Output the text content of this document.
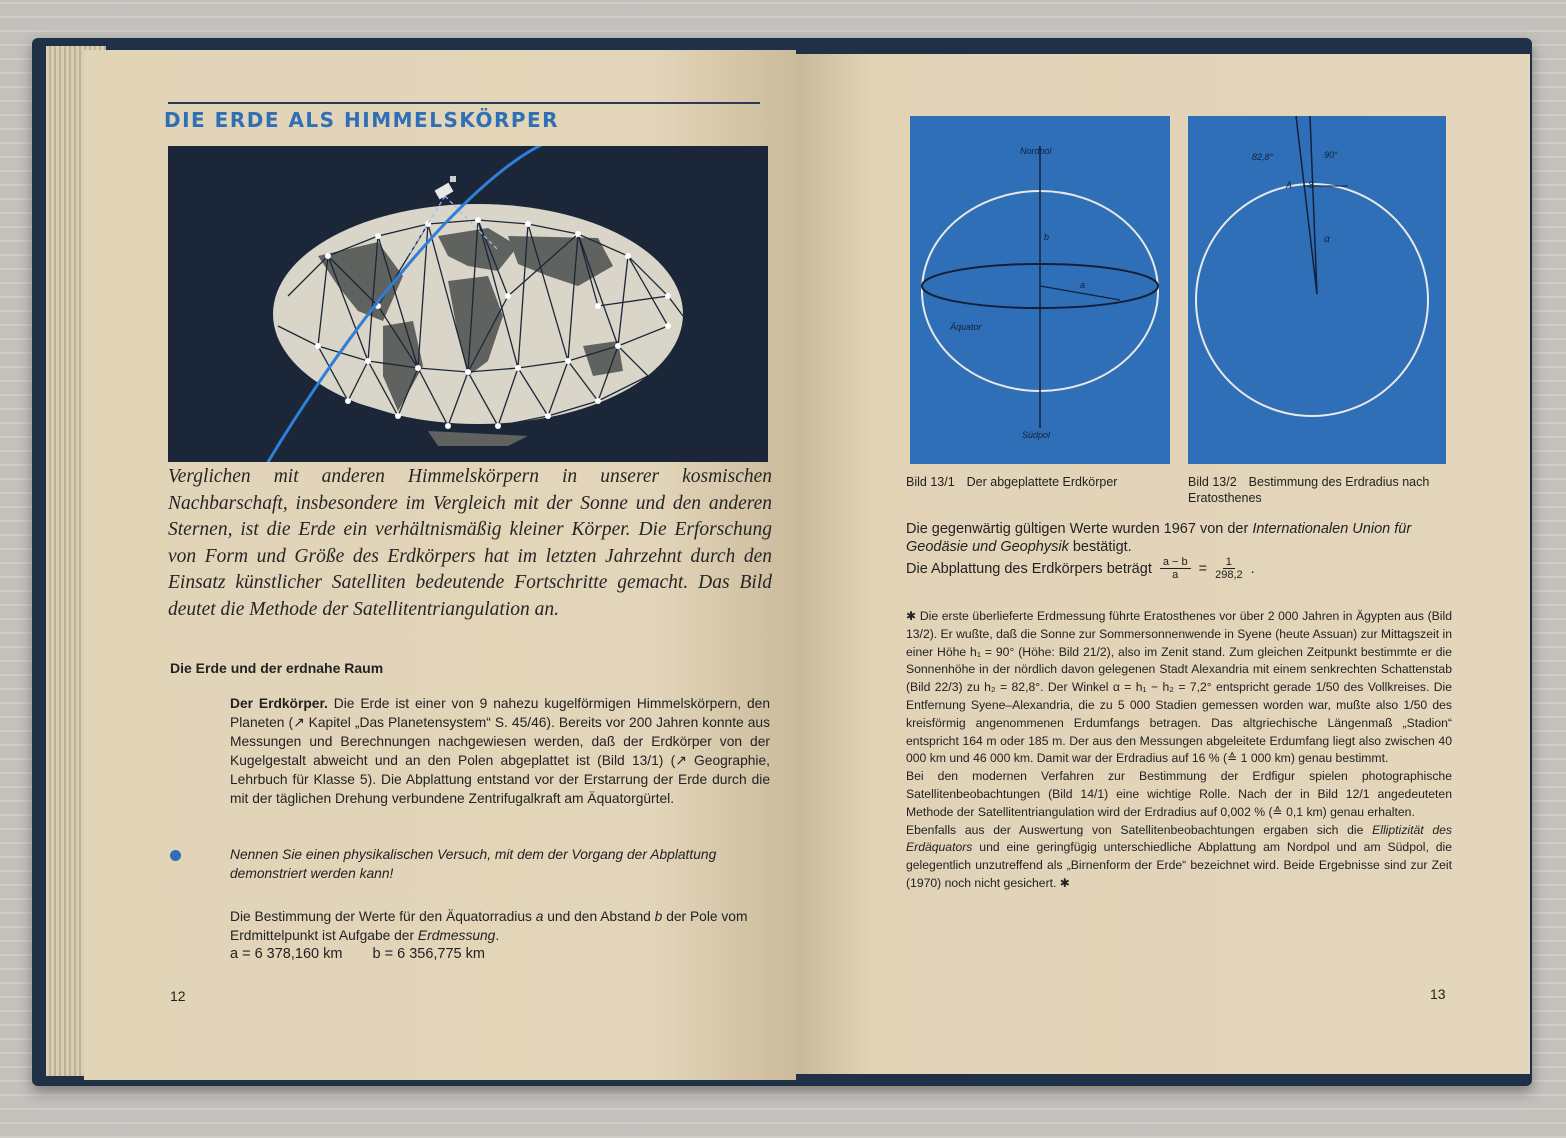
DIE ERDE ALS HIMMELSKÖRPER
Verglichen mit anderen Himmelskörpern in unserer kosmischen Nachbarschaft, insbesondere im Vergleich mit der Sonne und den anderen Sternen, ist die Erde ein verhältnismäßig kleiner Körper. Die Erforschung von Form und Größe des Erdkörpers hat im letzten Jahrzehnt durch den Einsatz künstlicher Satelliten bedeutende Fortschritte gemacht. Das Bild deutet die Methode der Satellitentriangulation an.
Die Erde und der erdnahe Raum
Der Erdkörper. Die Erde ist einer von 9 nahezu kugelförmigen Himmelskörpern, den Planeten (↗ Kapitel „Das Planetensystem“ S. 45/46). Bereits vor 200 Jahren konnte aus Messungen und Berechnungen nachgewiesen werden, daß der Erdkörper von der Kugelgestalt abweicht und an den Polen abgeplattet ist (Bild 13/1) (↗ Geographie, Lehrbuch für Klasse 5). Die Abplattung entstand vor der Erstarrung der Erde durch die mit der täglichen Drehung verbundene Zentrifugalkraft am Äquatorgürtel.
Nennen Sie einen physikalischen Versuch, mit dem der Vorgang der Abplattung demonstriert werden kann!
Die Bestimmung der Werte für den Äquatorradius a und den Abstand b der Pole vom Erdmittelpunkt ist Aufgabe der Erdmessung.
a = 6 378,160 km b = 6 356,775 km
12
Nordpol
Südpol
Äquator
a
b
82,8°	90°
A S
α
Bild 13/1 Der abgeplattete Erdkörper	Bild 13/2 Bestimmung des Erdradius nach Eratosthenes
Die gegenwärtig gültigen Werte wurden 1967 von der Internationalen Union für Geodäsie und Geophysik bestätigt.
Die Abplattung des Erdkörpers beträgt $\frac{a - b}{a} = \frac{1}{298,2}$ .
✱ Die erste überlieferte Erdmessung führte Eratosthenes vor über 2 000 Jahren in Ägypten aus (Bild 13/2). Er wußte, daß die Sonne zur Sommersonnenwende in Syene (heute Assuan) zur Mittagszeit in einer Höhe h₁ = 90° (Höhe: Bild 21/2), also im Zenit stand. Zum gleichen Zeitpunkt bestimmte er die Sonnenhöhe in der nördlich davon gelegenen Stadt Alexandria mit einem senkrechten Schattenstab (Bild 22/3) zu h₂ = 82,8°. Der Winkel α = h₁ − h₂ = 7,2° entspricht gerade 1/50 des Vollkreises. Die Entfernung Syene–Alexandria, die zu 5 000 Stadien gemessen worden war, mußte also 1/50 des kreisförmig angenommenen Erdumfangs betragen. Das altgriechische Längenmaß „Stadion“ entspricht 164 m oder 185 m. Der aus den Messungen abgeleitete Erdumfang liegt also zwischen 40 000 km und 46 000 km. Damit war der Erdradius auf 16 % (≙ 1 000 km) genau bestimmt.
Bei den modernen Verfahren zur Bestimmung der Erdfigur spielen photographische Satellitenbeobachtungen (Bild 14/1) eine wichtige Rolle. Nach der in Bild 12/1 angedeuteten Methode der Satellitentriangulation wird der Erdradius auf 0,002 % (≙ 0,1 km) genau erhalten.
Ebenfalls aus der Auswertung von Satellitenbeobachtungen ergaben sich die Elliptizität des Erdäquators und eine geringfügig unterschiedliche Abplattung am Nordpol und am Südpol, die gelegentlich unzutreffend als „Birnenform der Erde“ bezeichnet wird. Beide Ergebnisse sind zur Zeit (1970) noch nicht gesichert. ✱
13
